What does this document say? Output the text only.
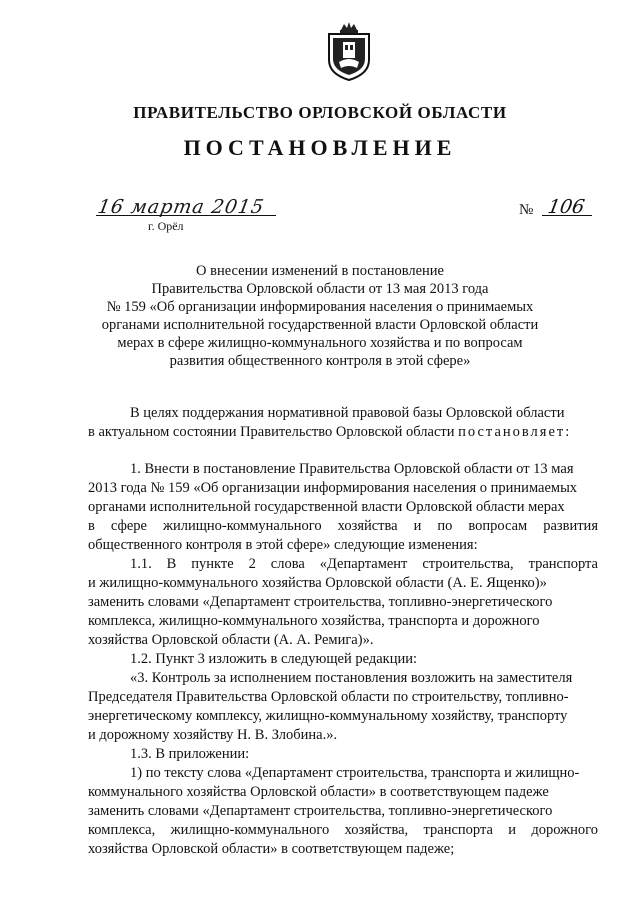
ПРАВИТЕЛЬСТВО ОРЛОВСКОЙ ОБЛАСТИ
ПОСТАНОВЛЕНИЕ
16 марта 2015
г. Орёл
№ 106
О внесении изменений в постановление
Правительства Орловской области от 13 мая 2013 года
№ 159 «Об организации информирования населения о принимаемых
органами исполнительной государственной власти Орловской области
мерах в сфере жилищно-коммунального хозяйства и по вопросам
развития общественного контроля в этой сфере»
В целях поддержания нормативной правовой базы Орловской области
в актуальном состоянии Правительство Орловской области постановляет:
1. Внести в постановление Правительства Орловской области от 13 мая
2013 года № 159 «Об организации информирования населения о принимаемых
органами исполнительной государственной власти Орловской области мерах
в сфере жилищно-коммунального хозяйства и по вопросам развития
общественного контроля в этой сфере» следующие изменения:
1.1. В пункте 2 слова «Департамент строительства, транспорта
и жилищно-коммунального хозяйства Орловской области (А. Е. Ященко)»
заменить словами «Департамент строительства, топливно-энергетического
комплекса, жилищно-коммунального хозяйства, транспорта и дорожного
хозяйства Орловской области (А. А. Ремига)».
1.2. Пункт 3 изложить в следующей редакции:
«3. Контроль за исполнением постановления возложить на заместителя
Председателя Правительства Орловской области по строительству, топливно-
энергетическому комплексу, жилищно-коммунальному хозяйству, транспорту
и дорожному хозяйству Н. В. Злобина.».
1.3. В приложении:
1) по тексту слова «Департамент строительства, транспорта и жилищно-
коммунального хозяйства Орловской области» в соответствующем падеже
заменить словами «Департамент строительства, топливно-энергетического
комплекса, жилищно-коммунального хозяйства, транспорта и дорожного
хозяйства Орловской области» в соответствующем падеже;
